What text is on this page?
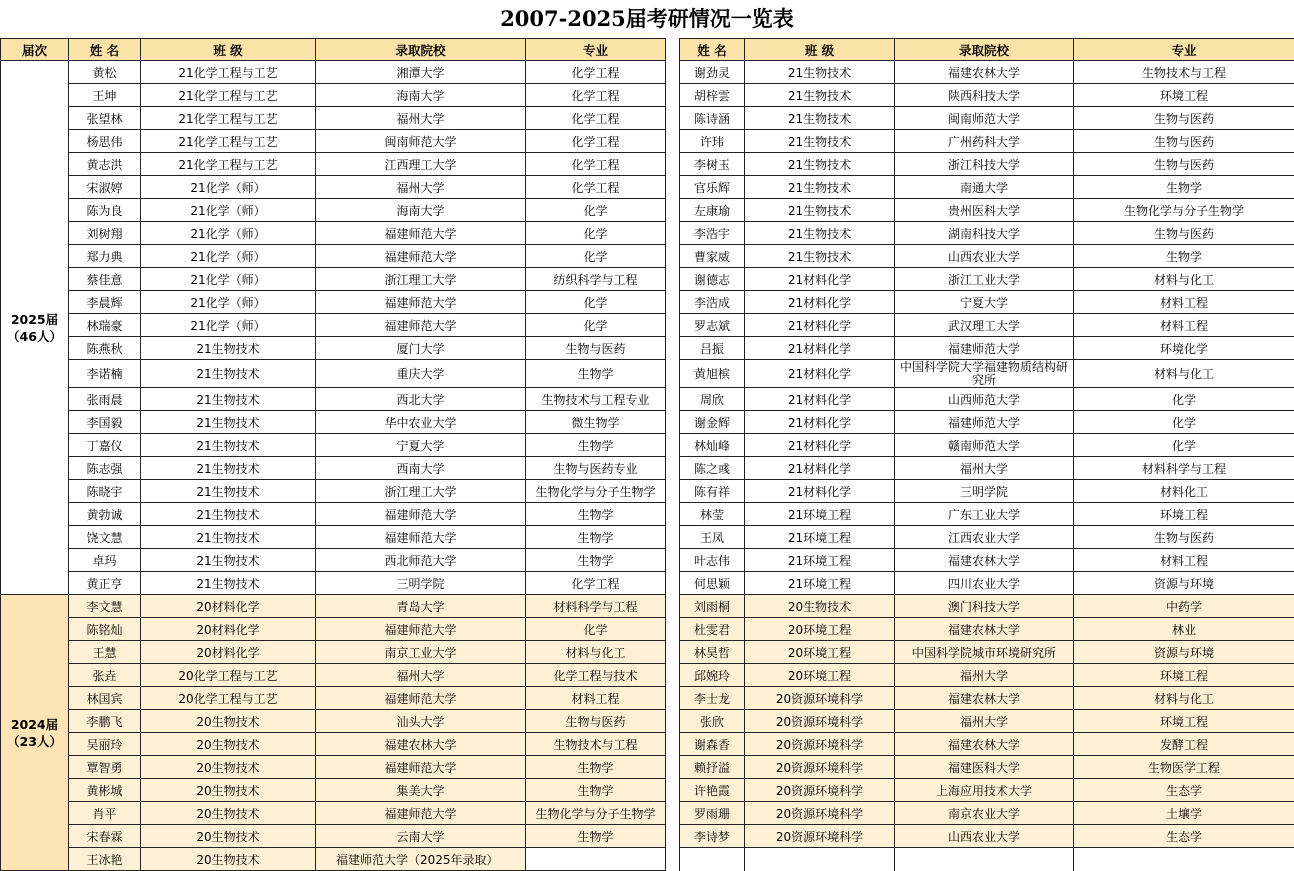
2007-2025届考研情况一览表
届次	姓 名	班 级	录取院校	专业		姓 名	班 级	录取院校	专业

2025届
（46人）	黄松	21化学工程与工艺	湘潭大学	化学工程		谢劲灵	21生物技术	福建农林大学	生物技术与工程
	王坤	21化学工程与工艺	海南大学	化学工程		胡梓雲	21生物技术	陕西科技大学	环境工程
	张望林	21化学工程与工艺	福州大学	化学工程		陈诗涵	21生物技术	闽南师范大学	生物与医药
	杨思伟	21化学工程与工艺	闽南师范大学	化学工程		许玮	21生物技术	广州药科大学	生物与医药
	黄志洪	21化学工程与工艺	江西理工大学	化学工程		李树玉	21生物技术	浙江科技大学	生物与医药
	宋淑婷	21化学（师）	福州大学	化学工程		官乐辉	21生物技术	南通大学	生物学
	陈为良	21化学（师）	海南大学	化学		左康瑜	21生物技术	贵州医科大学	生物化学与分子生物学
	刘树翔	21化学（师）	福建师范大学	化学		李浩宇	21生物技术	湖南科技大学	生物与医药
	郑力典	21化学（师）	福建师范大学	化学		曹家威	21生物技术	山西农业大学	生物学
	蔡佳意	21化学（师）	浙江理工大学	纺织科学与工程		谢德志	21材料化学	浙江工业大学	材料与化工
	李晨辉	21化学（师）	福建师范大学	化学		李浩成	21材料化学	宁夏大学	材料工程
	林瑞豪	21化学（师）	福建师范大学	化学		罗志斌	21材料化学	武汉理工大学	材料工程
	陈燕秋	21生物技术	厦门大学	生物与医药		吕振	21材料化学	福建师范大学	环境化学
	李诺楠	21生物技术	重庆大学	生物学		黄旭槟	21材料化学	中国科学院大学福建物质结构研究所	材料与化工
	张雨晨	21生物技术	西北大学	生物技术与工程专业		周欣	21材料化学	山西师范大学	化学
	李国毅	21生物技术	华中农业大学	微生物学		谢金辉	21材料化学	福建师范大学	化学
	丁嘉仪	21生物技术	宁夏大学	生物学		林灿峰	21材料化学	赣南师范大学	化学
	陈志强	21生物技术	西南大学	生物与医药专业		陈之彧	21材料化学	福州大学	材料科学与工程
	陈晓宇	21生物技术	浙江理工大学	生物化学与分子生物学		陈有祥	21材料化学	三明学院	材料化工
	黄勃诚	21生物技术	福建师范大学	生物学		林莹	21环境工程	广东工业大学	环境工程
	饶文慧	21生物技术	福建师范大学	生物学		王凤	21环境工程	江西农业大学	生物与医药
	卓玛	21生物技术	西北师范大学	生物学		叶志伟	21环境工程	福建农林大学	材料工程
	黄正亨	21生物技术	三明学院	化学工程		何思颖	21环境工程	四川农业大学	资源与环境

2024届
（23人）	李文慧	20材料化学	青岛大学	材料科学与工程		刘雨桐	20生物技术	澳门科技大学	中药学
	陈铭灿	20材料化学	福建师范大学	化学		杜雯君	20环境工程	福建农林大学	林业
	王慧	20材料化学	南京工业大学	材料与化工		林昊哲	20环境工程	中国科学院城市环境研究所	资源与环境
	张垚	20化学工程与工艺	福州大学	化学工程与技术		邱婉玲	20环境工程	福州大学	环境工程
	林国宾	20化学工程与工艺	福建师范大学	材料工程		李士龙	20资源环境科学	福建农林大学	材料与化工
	李鹏飞	20生物技术	汕头大学	生物与医药		张欣	20资源环境科学	福州大学	环境工程
	吴丽玲	20生物技术	福建农林大学	生物技术与工程		谢森香	20资源环境科学	福建农林大学	发酵工程
	覃智勇	20生物技术	福建师范大学	生物学		赖抒溢	20资源环境科学	福建医科大学	生物医学工程
	黄彬城	20生物技术	集美大学	生物学		许艳霞	20资源环境科学	上海应用技术大学	生态学
	肖平	20生物技术	福建师范大学	生物化学与分子生物学		罗雨珊	20资源环境科学	南京农业大学	土壤学
	宋春霖	20生物技术	云南大学	生物学		李诗梦	20资源环境科学	山西农业大学	生态学
	王冰艳	20生物技术	福建师范大学（2025年录取）						
